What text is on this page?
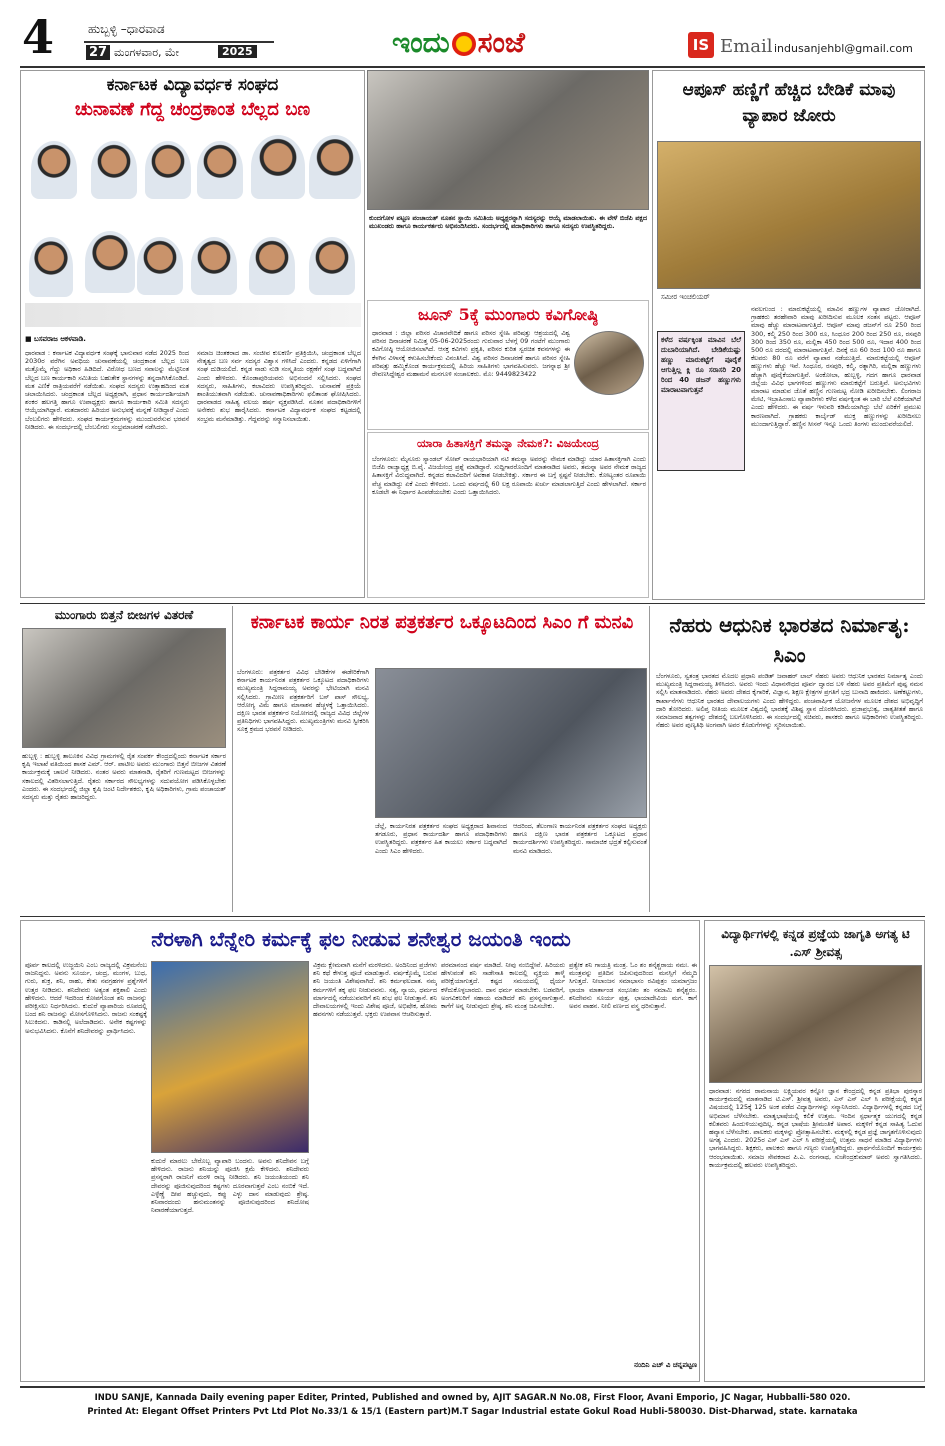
4	ಹುಬ್ಬಳ್ಳಿ –ಧಾರವಾಡ
27 ಮಂಗಳವಾರ, ಮೇ	2025	ಇಂದು ಸಂಜೆ	IS Email indusanjehbl@gmail.com
ಕರ್ನಾಟಕ ವಿದ್ಯಾವರ್ಧಕ ಸಂಘದ
ಚುನಾವಣೆ ಗೆದ್ದ ಚಂದ್ರಕಾಂತ ಬೆಲ್ಲದ ಬಣ
■ ಬಸವರಾಜ ಆಕಳವಾಡಿ.
ಧಾರವಾಡ : ಕರ್ನಾಟಕ ವಿದ್ಯಾವರ್ಧಕ ಸಂಘಕ್ಕೆ ಭಾನುವಾರ ನಡೆದ 2025 ರಿಂದ 2030ರ ವರೆಗಿನ ಅವಧಿಯ ಚುನಾವಣೆಯಲ್ಲಿ ಚಂದ್ರಕಾಂತ ಬೆಲ್ಲದ ಬಣ ಮತ್ತೊಮ್ಮೆ ಗೆದ್ದು ಅಧಿಕಾರ ಹಿಡಿದಿದೆ. ವಿರೋಧ ಬಣದ ಸವಾಲನ್ನು ಮೆಟ್ಟಿನಿಂತ ಬೆಲ್ಲದ ಬಣ ಕಾರ್ಯಕಾರಿ ಸಮಿತಿಯ ಬಹುತೇಕ ಸ್ಥಾನಗಳನ್ನು ತನ್ನದಾಗಿಸಿಕೊಂಡಿದೆ. ಮತ ಎಣಿಕೆ ರಾತ್ರಿಯವರೆಗೆ ನಡೆಯಿತು. ಸಂಘದ ಸದಸ್ಯರು ಉತ್ಸಾಹದಿಂದ ಮತ ಚಲಾಯಿಸಿದರು. ಚಂದ್ರಕಾಂತ ಬೆಲ್ಲದ ಅಧ್ಯಕ್ಷರಾಗಿ, ಪ್ರಧಾನ ಕಾರ್ಯದರ್ಶಿಯಾಗಿ ಶಂಕರ ಹಲಗತ್ತಿ ಹಾಗೂ ಉಪಾಧ್ಯಕ್ಷರು ಹಾಗೂ ಕಾರ್ಯಕಾರಿ ಸಮಿತಿ ಸದಸ್ಯರು ಆಯ್ಕೆಯಾಗಿದ್ದಾರೆ. ಮತದಾರರು ಹಿರಿಯರ ಅನುಭವಕ್ಕೆ ಮನ್ನಣೆ ನೀಡಿದ್ದಾರೆ ಎಂದು ಬೆಂಬಲಿಗರು ಹೇಳಿದರು. ಸಂಘದ ಕಾರ್ಯಕ್ರಮಗಳನ್ನು ಮುಂದುವರೆಸುವ ಭರವಸೆ ನೀಡಿದರು. ಈ ಸಂದರ್ಭದಲ್ಲಿ ಬೆಂಬಲಿಗರು ಸಂಭ್ರಮಾಚರಣೆ ನಡೆಸಿದರು.
ಸಮಾಜ ಚಿಂತಕರಾದ ಡಾ. ಸಂಜೀವ ಕುಲಕರ್ಣಿ ಪ್ರತಿಕ್ರಿಯಿಸಿ, ಚಂದ್ರಕಾಂತ ಬೆಲ್ಲದ ನೇತೃತ್ವದ ಬಣ ಸರ್ವ ಸದಸ್ಯರ ವಿಶ್ವಾಸ ಗಳಿಸಿದೆ ಎಂದರು. ಕನ್ನಡದ ಏಳಿಗೆಗಾಗಿ ಸಂಘ ದುಡಿಯಲಿದೆ. ಕನ್ನಡ ನಾಡು ನುಡಿ ಸಂಸ್ಕೃತಿಯ ರಕ್ಷಣೆಗೆ ಸಂಘ ಬದ್ಧವಾಗಿದೆ ಎಂದು ಹೇಳಿದರು. ಕೊಂಡಾಪುರಿಯವರು ಅಭಿನಂದನೆ ಸಲ್ಲಿಸಿದರು. ಸಂಘದ ಸದಸ್ಯರು, ಸಾಹಿತಿಗಳು, ಕಲಾವಿದರು ಉಪಸ್ಥಿತರಿದ್ದರು. ಚುನಾವಣೆ ಪ್ರಕ್ರಿಯೆ ಶಾಂತಿಯುತವಾಗಿ ನಡೆಯಿತು. ಚುನಾವಣಾಧಿಕಾರಿಗಳು ಫಲಿತಾಂಶ ಘೋಷಿಸಿದರು. ಧಾರವಾಡದ ಸಾಹಿತ್ಯ ವಲಯ ಹರ್ಷ ವ್ಯಕ್ತಪಡಿಸಿದೆ. ನೂತನ ಪದಾಧಿಕಾರಿಗಳಿಗೆ ಅನೇಕರು ಶುಭ ಹಾರೈಸಿದರು. ಕರ್ನಾಟಕ ವಿದ್ಯಾವರ್ಧಕ ಸಂಘದ ಕಟ್ಟಡದಲ್ಲಿ ಸಂಭ್ರಮ ಮನೆಮಾಡಿತ್ತು. ಗೆದ್ದವರನ್ನು ಸನ್ಮಾನಿಸಲಾಯಿತು.
ಕುಂದಗೋಳ ಪಟ್ಟಣ ಪಂಚಾಯತ್ ನೂತನ ಸ್ಥಾಯಿ ಸಮಿತಿಯ ಅಧ್ಯಕ್ಷರನ್ನಾಗಿ ಸದಸ್ಯರನ್ನು ಆಯ್ಕೆ ಮಾಡಲಾಯಿತು. ಈ ವೇಳೆ ಬಿಜೆಪಿ ಪಕ್ಷದ ಮುಖಂಡರು ಹಾಗೂ ಕಾರ್ಯಕರ್ತರು ಅಭಿನಂದಿಸಿದರು. ಸಂದರ್ಭದಲ್ಲಿ ಪದಾಧಿಕಾರಿಗಳು ಹಾಗೂ ಸದಸ್ಯರು ಉಪಸ್ಥಿತರಿದ್ದರು.
ಆಪೂಸ್ ಹಣ್ಣಿಗೆ ಹೆಚ್ಚಿದ ಬೇಡಿಕೆ ಮಾವು ವ್ಯಾಪಾರ ಜೋರು
ಸಮೀರ ಇಂಚಲಿಯರ್
ಕಳೆದ ವರ್ಷಕ್ಕಿಂತ ಮಾವಿನ ಬೆಲೆ ದುಬಾರಿಯಾಗಿದೆ. ಬೇಡಿಕೆಯಷ್ಟು ಹಣ್ಣು ಮಾರುಕಟ್ಟೆಗೆ ಪೂರೈಕೆ ಆಗುತ್ತಿಲ್ಲ ಕ್ಲಿ ರೂ ಸರಾಸರಿ 20 ರಿಂದ 40 ಡಜನ್ ಹಣ್ಣುಗಳು ಮಾರಾಟವಾಗುತ್ತವೆ
ನವಲಗುಂದ : ಮಾರುಕಟ್ಟೆಯಲ್ಲಿ ಮಾವಿನ ಹಣ್ಣುಗಳ ವ್ಯಾಪಾರ ಜೋರಾಗಿದೆ. ಗ್ರಾಹಕರು ತರಹೇವಾರಿ ಮಾವು ಖರೀದಿಸುವ ಮೂಲಕ ಸಂತಸ ಪಟ್ಟರು. ಆಪೂಸ್ ಮಾವು ಹೆಚ್ಚು ಮಾರಾಟವಾಗುತ್ತಿದೆ. ಆಪೂಸ್ ಮಾವು ಡಜನ್‌ಗೆ ರೂ 250 ರಿಂದ 300, ಕಲ್ಮಿ 250 ರಿಂದ 300 ರೂ, ಸಿಂಧೂರ 200 ರಿಂದ 250 ರೂ, ರಸಪುರಿ 300 ರಿಂದ 350 ರೂ, ಮಲ್ಲಿಕಾ 450 ರಿಂದ 500 ರೂ, ಇದಾರ 400 ರಿಂದ 500 ರೂ ದರದಲ್ಲಿ ಮಾರಾಟವಾಗುತ್ತಿವೆ. ದಿನಕ್ಕೆ ರೂ 60 ರಿಂದ 100 ರೂ ಹಾಗೂ ಕೆಲವರು 80 ರೂ ವರೆಗೆ ವ್ಯಾಪಾರ ನಡೆಯುತ್ತಿದೆ. ಮಾರುಕಟ್ಟೆಯಲ್ಲಿ ಆಪೂಸ್ ಹಣ್ಣುಗಳು ಹೆಚ್ಚು ಇವೆ. ಸಿಂಧೂರ, ರಸಪುರಿ, ಕಲ್ಮಿ, ರತ್ನಾಗಿರಿ, ಮಲ್ಲಿಕಾ ಹಣ್ಣುಗಳು ಹೆಚ್ಚಾಗಿ ಪೂರೈಕೆಯಾಗುತ್ತಿವೆ. ಅಂಕೋಲಾ, ಹುಬ್ಬಳ್ಳಿ, ಗದಗ ಹಾಗೂ ಧಾರವಾಡ ಜಿಲ್ಲೆಯ ವಿವಿಧ ಭಾಗಗಳಿಂದ ಹಣ್ಣುಗಳು ಮಾರುಕಟ್ಟೆಗೆ ಬರುತ್ತಿವೆ. ಅನುಭವಿಗಳು ಮಾರಾಟ ಮಾಡುವ ಜೊತೆ ಹಣ್ಣಿನ ಗುಣಮಟ್ಟ ನೋಡಿ ಖರೀದಿಸಬೇಕು. ಲಿಂಗರಾಜ ಮೇಟಿ, ಇಬ್ರಾಹಿಂಸಾಬ ವ್ಯಾಪಾರಿಗಳು ಕಳೆದ ವರ್ಷಕ್ಕಿಂತ ಈ ಬಾರಿ ಬೆಲೆ ಏರಿಕೆಯಾಗಿದೆ ಎಂದು ಹೇಳಿದರು. ಈ ವರ್ಷ ಇಳುವರಿ ಕಡಿಮೆಯಾಗಿದ್ದು ಬೆಲೆ ಏರಿಕೆಗೆ ಪ್ರಮುಖ ಕಾರಣವಾಗಿದೆ. ಗ್ರಾಹಕರು ಕಾರ್ಬೈಡ್ ಮುಕ್ತ ಹಣ್ಣುಗಳನ್ನು ಖರೀದಿಸಲು ಮುಂದಾಗುತ್ತಿದ್ದಾರೆ. ಹಣ್ಣಿನ ಸೀಸನ್ ಇನ್ನೂ ಒಂದು ತಿಂಗಳು ಮುಂದುವರೆಯಲಿದೆ.
ಜೂನ್ 5ಕ್ಕೆ ಮುಂಗಾರು ಕವಿಗೋಷ್ಠಿ
ಧಾರವಾಡ : ಜಿಲ್ಲಾ ಪರಿಸರ ವಿಚಾರವೇದಿಕೆ ಹಾಗೂ ಪರಿಸರ ಸ್ನೇಹಿ ಪರಿಷತ್ತು ಆಶ್ರಯದಲ್ಲಿ ವಿಶ್ವ ಪರಿಸರ ದಿನಾಚರಣೆ ನಿಮಿತ್ತ 05-06-2025ರಂದು ಗುರುವಾರ ಬೆಳಗ್ಗೆ 09 ಗಂಟೆಗೆ ಮುಂಗಾರು ಕವಿಗೋಷ್ಠಿ ಆಯೋಜಿಸಲಾಗಿದೆ. ಆಸಕ್ತ ಕವಿಗಳು ಪ್ರಕೃತಿ, ಪರಿಸರ ಕುರಿತ ಸ್ವರಚಿತ ಕವನಗಳನ್ನು ಈ ಕೆಳಗಿನ ವಿಳಾಸಕ್ಕೆ ಕಳುಹಿಸಬೇಕೆಂದು ವಿನಂತಿಸಿದೆ. ವಿಶ್ವ ಪರಿಸರ ದಿನಾಚರಣೆ ಹಾಗೂ ಪರಿಸರ ಸ್ನೇಹಿ ಪರಿಷತ್ತು ಹಮ್ಮಿಕೊಂಡ ಕಾರ್ಯಕ್ರಮದಲ್ಲಿ ಹಿರಿಯ ಸಾಹಿತಿಗಳು ಭಾಗವಹಿಸುವರು. ಜಗನ್ನಾಥ ಶ್ರೀ ರೇವಣಸಿದ್ದೇಶ್ವರ ಮಹಾಮನೆ ಮನಗೂಳಿ ಸಂಚಾಲಕರು. ಮೊ: 9449823422
ಯಾರಾ ಹಿತಾಸಕ್ತಿಗೆ ತಮನ್ನಾ ನೇಮಕ?: ವಿಜಯೇಂದ್ರ
ಬೆಂಗಳೂರು: ಮೈಸೂರು ಸ್ಯಾಂಡಲ್ ಸೋಪ್ ರಾಯಭಾರಿಯಾಗಿ ನಟಿ ತಮನ್ನಾ ಅವರನ್ನು ನೇಮಕ ಮಾಡಿದ್ದು ಯಾರ ಹಿತಾಸಕ್ತಿಗಾಗಿ ಎಂದು ಬಿಜೆಪಿ ರಾಜ್ಯಾಧ್ಯಕ್ಷ ಬಿ.ವೈ. ವಿಜಯೇಂದ್ರ ಪ್ರಶ್ನೆ ಮಾಡಿದ್ದಾರೆ. ಸುದ್ದಿಗಾರರೊಂದಿಗೆ ಮಾತನಾಡಿದ ಅವರು, ತಮನ್ನಾ ಅವರ ನೇಮಕ ರಾಜ್ಯದ ಹಿತಾಸಕ್ತಿಗೆ ವಿರುದ್ಧವಾಗಿದೆ. ಕನ್ನಡದ ಕಲಾವಿದರಿಗೆ ಅವಕಾಶ ನೀಡಬೇಕಿತ್ತು. ಸರ್ಕಾರ ಈ ಬಗ್ಗೆ ಸ್ಪಷ್ಟನೆ ನೀಡಬೇಕು. ಕೋಟ್ಯಂತರ ರೂಪಾಯಿ ವೆಚ್ಚ ಮಾಡಿದ್ದು ಏಕೆ ಎಂದು ಕೇಳಿದರು. ಒಂದು ವರ್ಷದಲ್ಲಿ 60 ಲಕ್ಷ ರೂಪಾಯಿ ಖರ್ಚು ಮಾಡಲಾಗುತ್ತಿದೆ ಎಂದು ಹೇಳಲಾಗಿದೆ. ಸರ್ಕಾರ ಕೂಡಲೇ ಈ ನಿರ್ಧಾರ ಹಿಂಪಡೆಯಬೇಕು ಎಂದು ಒತ್ತಾಯಿಸಿದರು.
ಮುಂಗಾರು ಬಿತ್ತನೆ ಬೀಜಗಳ ವಿತರಣೆ
ಹುಬ್ಬಳ್ಳಿ : ಹುಬ್ಬಳ್ಳಿ ತಾಲೂಕಿನ ವಿವಿಧ ಗ್ರಾಮಗಳಲ್ಲಿ ರೈತ ಸಂಪರ್ಕ ಕೇಂದ್ರದಲ್ಲಿಂದು ಕರ್ನಾಟಕ ಸರ್ಕಾರ ಕೃಷಿ ಇಲಾಖೆ ವತಿಯಿಂದ ಶಾಸಕ ಎಮ್. ಆರ್. ಪಾಟೀಲ ಅವರು ಮುಂಗಾರು ಬಿತ್ತನೆ ಬೀಜಗಳ ವಿತರಣೆ ಕಾರ್ಯಕ್ರಮಕ್ಕೆ ಚಾಲನೆ ನೀಡಿದರು. ನಂತರ ಅವರು ಮಾತನಾಡಿ, ರೈತರಿಗೆ ಗುಣಮಟ್ಟದ ಬೀಜಗಳನ್ನು ಸಕಾಲದಲ್ಲಿ ವಿತರಿಸಲಾಗುತ್ತಿದೆ. ರೈತರು ಸರ್ಕಾರದ ಸೌಲಭ್ಯಗಳನ್ನು ಸದುಪಯೋಗ ಪಡಿಸಿಕೊಳ್ಳಬೇಕು ಎಂದರು. ಈ ಸಂದರ್ಭದಲ್ಲಿ ಜಿಲ್ಲಾ ಕೃಷಿ ಜಂಟಿ ನಿರ್ದೇಶಕರು, ಕೃಷಿ ಅಧಿಕಾರಿಗಳು, ಗ್ರಾಮ ಪಂಚಾಯತ್ ಸದಸ್ಯರು ಮತ್ತು ರೈತರು ಹಾಜರಿದ್ದರು.
ಕರ್ನಾಟಕ ಕಾರ್ಯ ನಿರತ ಪತ್ರಕರ್ತರ ಒಕ್ಕೂಟದಿಂದ ಸಿಎಂ ಗೆ ಮನವಿ
ಬೆಂಗಳೂರು: ಪತ್ರಕರ್ತರ ವಿವಿಧ ಬೇಡಿಕೆಗಳ ಈಡೇರಿಕೆಗಾಗಿ ಕರ್ನಾಟಕ ಕಾರ್ಯನಿರತ ಪತ್ರಕರ್ತರ ಒಕ್ಕೂಟದ ಪದಾಧಿಕಾರಿಗಳು ಮುಖ್ಯಮಂತ್ರಿ ಸಿದ್ದರಾಮಯ್ಯ ಅವರನ್ನು ಭೇಟಿಯಾಗಿ ಮನವಿ ಸಲ್ಲಿಸಿದರು. ಗ್ರಾಮೀಣ ಪತ್ರಕರ್ತರಿಗೆ ಬಸ್ ಪಾಸ್ ಸೌಲಭ್ಯ, ಆರೋಗ್ಯ ವಿಮೆ ಹಾಗೂ ಮಾಸಾಶನ ಹೆಚ್ಚಳಕ್ಕೆ ಒತ್ತಾಯಿಸಿದರು. ದಕ್ಷಿಣ ಭಾರತ ಪತ್ರಕರ್ತರ ನಿಯೋಗದಲ್ಲಿ ರಾಜ್ಯದ ವಿವಿಧ ಜಿಲ್ಲೆಗಳ ಪ್ರತಿನಿಧಿಗಳು ಭಾಗವಹಿಸಿದ್ದರು. ಮುಖ್ಯಮಂತ್ರಿಗಳು ಮನವಿ ಸ್ವೀಕರಿಸಿ ಸೂಕ್ತ ಕ್ರಮದ ಭರವಸೆ ನೀಡಿದರು.
ಜೆಲ್ಲೆ, ಕಾರ್ಯನಿರತ ಪತ್ರಕರ್ತರ ಸಂಘದ ಅಧ್ಯಕ್ಷರಾದ ಶಿವಾನಂದ ತಗಡೂರು, ಪ್ರಧಾನ ಕಾರ್ಯದರ್ಶಿ ಹಾಗೂ ಪದಾಧಿಕಾರಿಗಳು ಉಪಸ್ಥಿತರಿದ್ದರು. ಪತ್ರಕರ್ತರ ಹಿತ ಕಾಯಲು ಸರ್ಕಾರ ಬದ್ಧವಾಗಿದೆ ಎಂದು ಸಿಎಂ ಹೇಳಿದರು.
ಆದರಿಂದ, ತೆಲಂಗಾಣ ಕಾರ್ಯನಿರತ ಪತ್ರಕರ್ತರ ಸಂಘದ ಅಧ್ಯಕ್ಷರು ಹಾಗೂ ದಕ್ಷಿಣ ಭಾರತ ಪತ್ರಕರ್ತರ ಒಕ್ಕೂಟದ ಪ್ರಧಾನ ಕಾರ್ಯದರ್ಶಿಗಳು ಉಪಸ್ಥಿತರಿದ್ದರು. ಸಾಮಾಜಿಕ ಭದ್ರತೆ ಕಲ್ಪಿಸುವಂತೆ ಮನವಿ ಮಾಡಿದರು.
ನೆಹರು ಆಧುನಿಕ ಭಾರತದ ನಿರ್ಮಾತೃ: ಸಿಎಂ
ಬೆಂಗಳೂರು, ಸ್ವತಂತ್ರ ಭಾರತದ ಮೊದಲ ಪ್ರಧಾನಿ ಪಂಡಿತ್ ಜವಾಹರ್ ಲಾಲ್ ನೆಹರು ಅವರು ಆಧುನಿಕ ಭಾರತದ ನಿರ್ಮಾತೃ ಎಂದು ಮುಖ್ಯಮಂತ್ರಿ ಸಿದ್ದರಾಮಯ್ಯ ತಿಳಿಸಿದರು. ಅವರು ಇಂದು ವಿಧಾನಸೌಧದ ಪೂರ್ವ ದ್ವಾರದ ಬಳಿ ನೆಹರು ಅವರ ಪ್ರತಿಮೆಗೆ ಪುಷ್ಪ ನಮನ ಸಲ್ಲಿಸಿ ಮಾತನಾಡಿದರು. ನೆಹರು ಅವರು ದೇಶದ ಕೈಗಾರಿಕೆ, ವಿಜ್ಞಾನ, ಶಿಕ್ಷಣ ಕ್ಷೇತ್ರಗಳ ಪ್ರಗತಿಗೆ ಭದ್ರ ಬುನಾದಿ ಹಾಕಿದರು. ಅಣೆಕಟ್ಟುಗಳು, ಕಾರ್ಖಾನೆಗಳು ಆಧುನಿಕ ಭಾರತದ ದೇವಾಲಯಗಳು ಎಂದು ಹೇಳಿದ್ದರು. ಪಂಚವಾರ್ಷಿಕ ಯೋಜನೆಗಳ ಮೂಲಕ ದೇಶದ ಅಭಿವೃದ್ಧಿಗೆ ದಾರಿ ತೋರಿದರು. ಅಲಿಪ್ತ ನೀತಿಯ ಮೂಲಕ ವಿಶ್ವದಲ್ಲಿ ಭಾರತಕ್ಕೆ ವಿಶಿಷ್ಟ ಸ್ಥಾನ ದೊರಕಿಸಿದರು. ಪ್ರಜಾಪ್ರಭುತ್ವ, ಜಾತ್ಯತೀತತೆ ಹಾಗೂ ಸಮಾಜವಾದ ತತ್ವಗಳನ್ನು ದೇಶದಲ್ಲಿ ಬಲಗೊಳಿಸಿದರು. ಈ ಸಂದರ್ಭದಲ್ಲಿ ಸಚಿವರು, ಶಾಸಕರು ಹಾಗೂ ಅಧಿಕಾರಿಗಳು ಉಪಸ್ಥಿತರಿದ್ದರು. ನೆಹರು ಅವರ ಪುಣ್ಯತಿಥಿ ಅಂಗವಾಗಿ ಅವರ ಕೊಡುಗೆಗಳನ್ನು ಸ್ಮರಿಸಲಾಯಿತು.
ನೆರಳಾಗಿ ಬೆನ್ನೇರಿ ಕರ್ಮಕ್ಕೆ ಫಲ ನೀಡುವ ಶನೇಶ್ವರ ಜಯಂತಿ ಇಂದು
ಪೂರ್ವ ಕಾಲದಲ್ಲಿ ಉಜ್ಜಯಿನಿ ಎಂಬ ರಾಜ್ಯದಲ್ಲಿ ವಿಕ್ರಮನೆಂಬ ರಾಜನಿದ್ದನು. ಅವನು ಸೂರ್ಯ, ಚಂದ್ರ, ಮಂಗಳ, ಬುಧ, ಗುರು, ಶುಕ್ರ, ಶನಿ, ರಾಹು, ಕೇತು ನವಗ್ರಹಗಳ ಪ್ರಶ್ನೆಗಳಿಗೆ ಉತ್ತರ ನೀಡಿದನು. ಶನಿದೇವರು ಅತ್ಯಂತ ಶಕ್ತಿಶಾಲಿ ಎಂದು ಹೇಳಿದನು. ಆದರೆ ಇದರಿಂದ ಕೋಪಗೊಂಡ ಶನಿ ರಾಜನನ್ನು ಪರೀಕ್ಷಿಸಲು ನಿರ್ಧರಿಸಿದನು. ಕುದುರೆ ವ್ಯಾಪಾರಿಯ ರೂಪದಲ್ಲಿ ಬಂದ ಶನಿ ರಾಜನನ್ನು ಮೋಸಗೊಳಿಸಿದನು. ರಾಜನು ಸಂಕಷ್ಟಕ್ಕೆ ಸಿಲುಕಿದನು. ಕಾಡಿನಲ್ಲಿ ಅಲೆದಾಡಿದನು. ಅನೇಕ ಕಷ್ಟಗಳನ್ನು ಅನುಭವಿಸಿದನು. ಕೊನೆಗೆ ಶನಿದೇವರನ್ನು ಪ್ರಾರ್ಥಿಸಿದನು.
ಕುದುರೆ ಮಾರಲು ಬೇರೊಬ್ಬ ವ್ಯಾಪಾರಿ ಬಂದನು. ಅವನು ಶನಿದೇವನ ಬಗ್ಗೆ ಹೇಳಿದನು. ರಾಜನು ಶನಿಯನ್ನು ಪೂಜಿಸಿ ಕ್ಷಮೆ ಕೇಳಿದನು. ಶನಿದೇವರು ಪ್ರಸನ್ನರಾಗಿ ರಾಜನಿಗೆ ಮರಳಿ ರಾಜ್ಯ ನೀಡಿದರು. ಶನಿ ಜಯಂತಿಯಂದು ಶನಿ ದೇವರನ್ನು ಪೂಜಿಸುವುದರಿಂದ ಕಷ್ಟಗಳು ದೂರವಾಗುತ್ತವೆ ಎಂಬ ನಂಬಿಕೆ ಇದೆ. ಎಳ್ಳೆಣ್ಣೆ ದೀಪ ಹಚ್ಚುವುದು, ಕಪ್ಪು ಎಳ್ಳು ದಾನ ಮಾಡುವುದು ಶ್ರೇಷ್ಠ. ಶನಿವಾರದಂದು ಹನುಮಂತನನ್ನು ಪೂಜಿಸುವುದರಿಂದ ಶನಿದೋಷ ನಿವಾರಣೆಯಾಗುತ್ತದೆ.
ವಿಕ್ರಮ ಕ್ಷೇಮವಾಗಿ ಮನೆಗೆ ಮರಳಿದನು. ಅಂದಿನಿಂದ ಪ್ರಜೆಗಳು ಶನಿ ಕಥೆ ಕೇಳುತ್ತ ಪೂಜೆ ಮಾಡುತ್ತಾರೆ. ವರ್ಷಕ್ಕೊಮ್ಮೆ ಬರುವ ಶನಿ ಜಯಂತಿ ವಿಶೇಷವಾಗಿದೆ. ಶನಿ ಕರ್ಮಫಲದಾತ. ನಮ್ಮ ಕರ್ಮಗಳಿಗೆ ತಕ್ಕ ಫಲ ನೀಡುವವನು. ಸತ್ಯ, ನ್ಯಾಯ, ಧರ್ಮದ ಮಾರ್ಗದಲ್ಲಿ ನಡೆಯುವವರಿಗೆ ಶನಿ ಶುಭ ಫಲ ನೀಡುತ್ತಾನೆ. ಶನಿ ದೇವಾಲಯಗಳಲ್ಲಿ ಇಂದು ವಿಶೇಷ ಪೂಜೆ, ಅಭಿಷೇಕ, ಹೋಮ ಹವನಗಳು ನಡೆಯುತ್ತವೆ. ಭಕ್ತರು ಉಪವಾಸ ಆಚರಿಸುತ್ತಾರೆ.
ಪರಮಾನಂದ ವರ್ಷ ಮಾಡಿದೆ. ನೀವು ನಂಬಿದ್ದೇವೆ. ಹಿರಿಯರು ಹೇಳುವಂತೆ ಶನಿ ಸಾಡೇಸಾತಿ ಕಾಲದಲ್ಲಿ ವ್ಯಕ್ತಿಯ ತಾಳ್ಮೆ ಪರೀಕ್ಷೆಯಾಗುತ್ತದೆ. ಕಷ್ಟದ ಸಮಯದಲ್ಲಿ ಧೈರ್ಯ ಕಳೆದುಕೊಳ್ಳಬಾರದು. ದಾನ ಧರ್ಮ ಮಾಡಬೇಕು. ಬಡವರಿಗೆ, ಅಂಗವಿಕಲರಿಗೆ ಸಹಾಯ ಮಾಡಿದರೆ ಶನಿ ಪ್ರಸನ್ನನಾಗುತ್ತಾನೆ. ಕಾಗೆಗೆ ಅನ್ನ ನೀಡುವುದು ಶ್ರೇಷ್ಠ. ಶನಿ ಮಂತ್ರ ಜಪಿಸಬೇಕು.
ಪ್ರತ್ಯೇಕ ಶನಿ ಗಾಯತ್ರಿ ಮಂತ್ರ. ಓಂ ಶಂ ಶನೈಶ್ಚರಾಯ ನಮಃ. ಈ ಮಂತ್ರವನ್ನು ಪ್ರತಿದಿನ ಜಪಿಸುವುದರಿಂದ ಮನಸ್ಸಿಗೆ ನೆಮ್ಮದಿ ಸಿಗುತ್ತದೆ. ನೀಲಾಂಜನ ಸಮಾಭಾಸಂ ರವಿಪುತ್ರಂ ಯಮಾಗ್ರಜಂ ಛಾಯಾ ಮಾರ್ತಾಂಡ ಸಂಭೂತಂ ತಂ ನಮಾಮಿ ಶನೈಶ್ಚರಂ. ಶನಿದೇವನು ಸೂರ್ಯ ಪುತ್ರ, ಛಾಯಾದೇವಿಯ ಮಗ. ಕಾಗೆ ಅವನ ವಾಹನ. ನೀಲಿ ವರ್ಣದ ವಸ್ತ್ರ ಧರಿಸುತ್ತಾನೆ.
ನಂದಿನಿ ಎಚ್ ವಿ ಚನ್ನಪಟ್ಟಣ
ವಿದ್ಯಾರ್ಥಿಗಳಲ್ಲಿ ಕನ್ನಡ ಪ್ರಜ್ಞೆಯ ಜಾಗೃತಿ ಅಗತ್ಯ ಟಿ .ಎಸ್ ಶ್ರೀವತ್ಸ
ಧಾರವಾಡ: ನಗರದ ರಾಮನಾಯ ಲಕ್ಷ್ಮಿಯವರ ಕನ್ನೋ ಜ್ಞಾನ ಕೇಂದ್ರದಲ್ಲಿ ಕನ್ನಡ ಪ್ರತಿಭಾ ಪುರಸ್ಕಾರ ಕಾರ್ಯಕ್ರಮದಲ್ಲಿ ಮಾತನಾಡಿದ ಟಿ.ಎಸ್. ಶ್ರೀವತ್ಸ ಅವರು, ಎಸ್ ಎಸ್ ಎಲ್ ಸಿ ಪರೀಕ್ಷೆಯಲ್ಲಿ ಕನ್ನಡ ವಿಷಯದಲ್ಲಿ 125ಕ್ಕೆ 125 ಅಂಕ ಪಡೆದ ವಿದ್ಯಾರ್ಥಿಗಳನ್ನು ಸನ್ಮಾನಿಸಿದರು. ವಿದ್ಯಾರ್ಥಿಗಳಲ್ಲಿ ಕನ್ನಡದ ಬಗ್ಗೆ ಅಭಿಮಾನ ಬೆಳೆಸಬೇಕು. ಮಾತೃಭಾಷೆಯಲ್ಲಿ ಕಲಿಕೆ ಉತ್ತಮ. ಇಂದಿನ ಸ್ಪರ್ಧಾತ್ಮಕ ಯುಗದಲ್ಲಿ ಕನ್ನಡ ಕಲಿತವರು ಹಿಂದುಳಿಯುವುದಿಲ್ಲ. ಕನ್ನಡ ಭಾಷೆಯ ಶ್ರೀಮಂತಿಕೆ ಅಪಾರ. ಮಕ್ಕಳಿಗೆ ಕನ್ನಡ ಸಾಹಿತ್ಯ ಓದುವ ಹವ್ಯಾಸ ಬೆಳೆಸಬೇಕು. ಪಾಲಕರು ಮಕ್ಕಳನ್ನು ಪ್ರೋತ್ಸಾಹಿಸಬೇಕು. ಮಕ್ಕಳಲ್ಲಿ ಕನ್ನಡ ಪ್ರಜ್ಞೆ ಜಾಗೃತಗೊಳಿಸುವುದು ಅಗತ್ಯ ಎಂದರು. 2025ರ ಎಸ್ ಎಸ್ ಎಲ್ ಸಿ ಪರೀಕ್ಷೆಯಲ್ಲಿ ಉತ್ತಮ ಸಾಧನೆ ಮಾಡಿದ ವಿದ್ಯಾರ್ಥಿಗಳು ಭಾಗವಹಿಸಿದ್ದರು. ಶಿಕ್ಷಕರು, ಪಾಲಕರು ಹಾಗೂ ಗಣ್ಯರು ಉಪಸ್ಥಿತರಿದ್ದರು. ಪ್ರಾರ್ಥನೆಯೊಂದಿಗೆ ಕಾರ್ಯಕ್ರಮ ಆರಂಭವಾಯಿತು. ಸಮಾಜ ಸೇವಕರಾದ ಪಿ.ಎ. ರಂಗನಾಥ, ಸುಚೇಂದ್ರಕುಮಾರ್ ಅವರು ಸ್ವಾಗತಿಸಿದರು. ಕಾರ್ಯಕ್ರಮದಲ್ಲಿ ಹಲವರು ಉಪಸ್ಥಿತರಿದ್ದರು.
INDU SANJE, Kannada Daily evening paper Editer, Printed, Published and owned by, AJIT SAGAR.N No.08, First Floor, Avani Emporio, JC Nagar, Hubballi-580 020.
Printed At: Elegant Offset Printers Pvt Ltd Plot No.33/1 & 15/1 (Eastern part)M.T Sagar Industrial estate Gokul Road Hubli-580030. Dist-Dharwad, state. karnataka
